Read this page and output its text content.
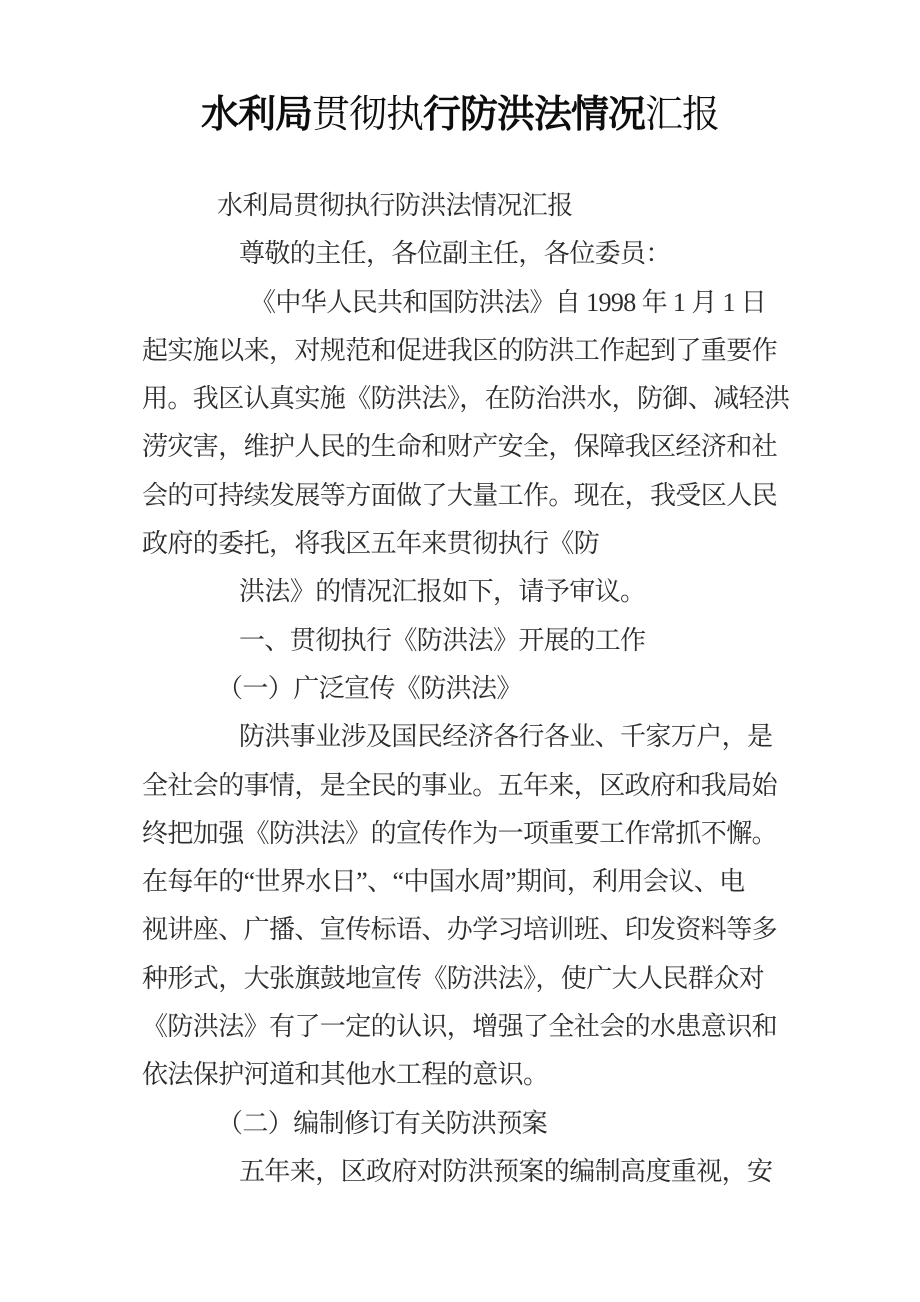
水利局贯彻执行防洪法情况汇报
水利局贯彻执行防洪法情况汇报
尊敬的主任，各位副主任，各位委员：
《中华人民共和国防洪法》自 1998 年 1 月 1 日
起实施以来，对规范和促进我区的防洪工作起到了重要作
用。我区认真实施《防洪法》，在防治洪水，防御、减轻洪
涝灾害，维护人民的生命和财产安全，保障我区经济和社
会的可持续发展等方面做了大量工作。现在，我受区人民
政府的委托，将我区五年来贯彻执行《防
洪法》的情况汇报如下，请予审议。
一、贯彻执行《防洪法》开展的工作
（一）广泛宣传《防洪法》
防洪事业涉及国民经济各行各业、千家万户，是
全社会的事情，是全民的事业。五年来，区政府和我局始
终把加强《防洪法》的宣传作为一项重要工作常抓不懈。
在每年的“世界水日”、“中国水周”期间，利用会议、电
视讲座、广播、宣传标语、办学习培训班、印发资料等多
种形式，大张旗鼓地宣传《防洪法》，使广大人民群众对
《防洪法》有了一定的认识，增强了全社会的水患意识和
依法保护河道和其他水工程的意识。
（二）编制修订有关防洪预案
五年来，区政府对防洪预案的编制高度重视，安
